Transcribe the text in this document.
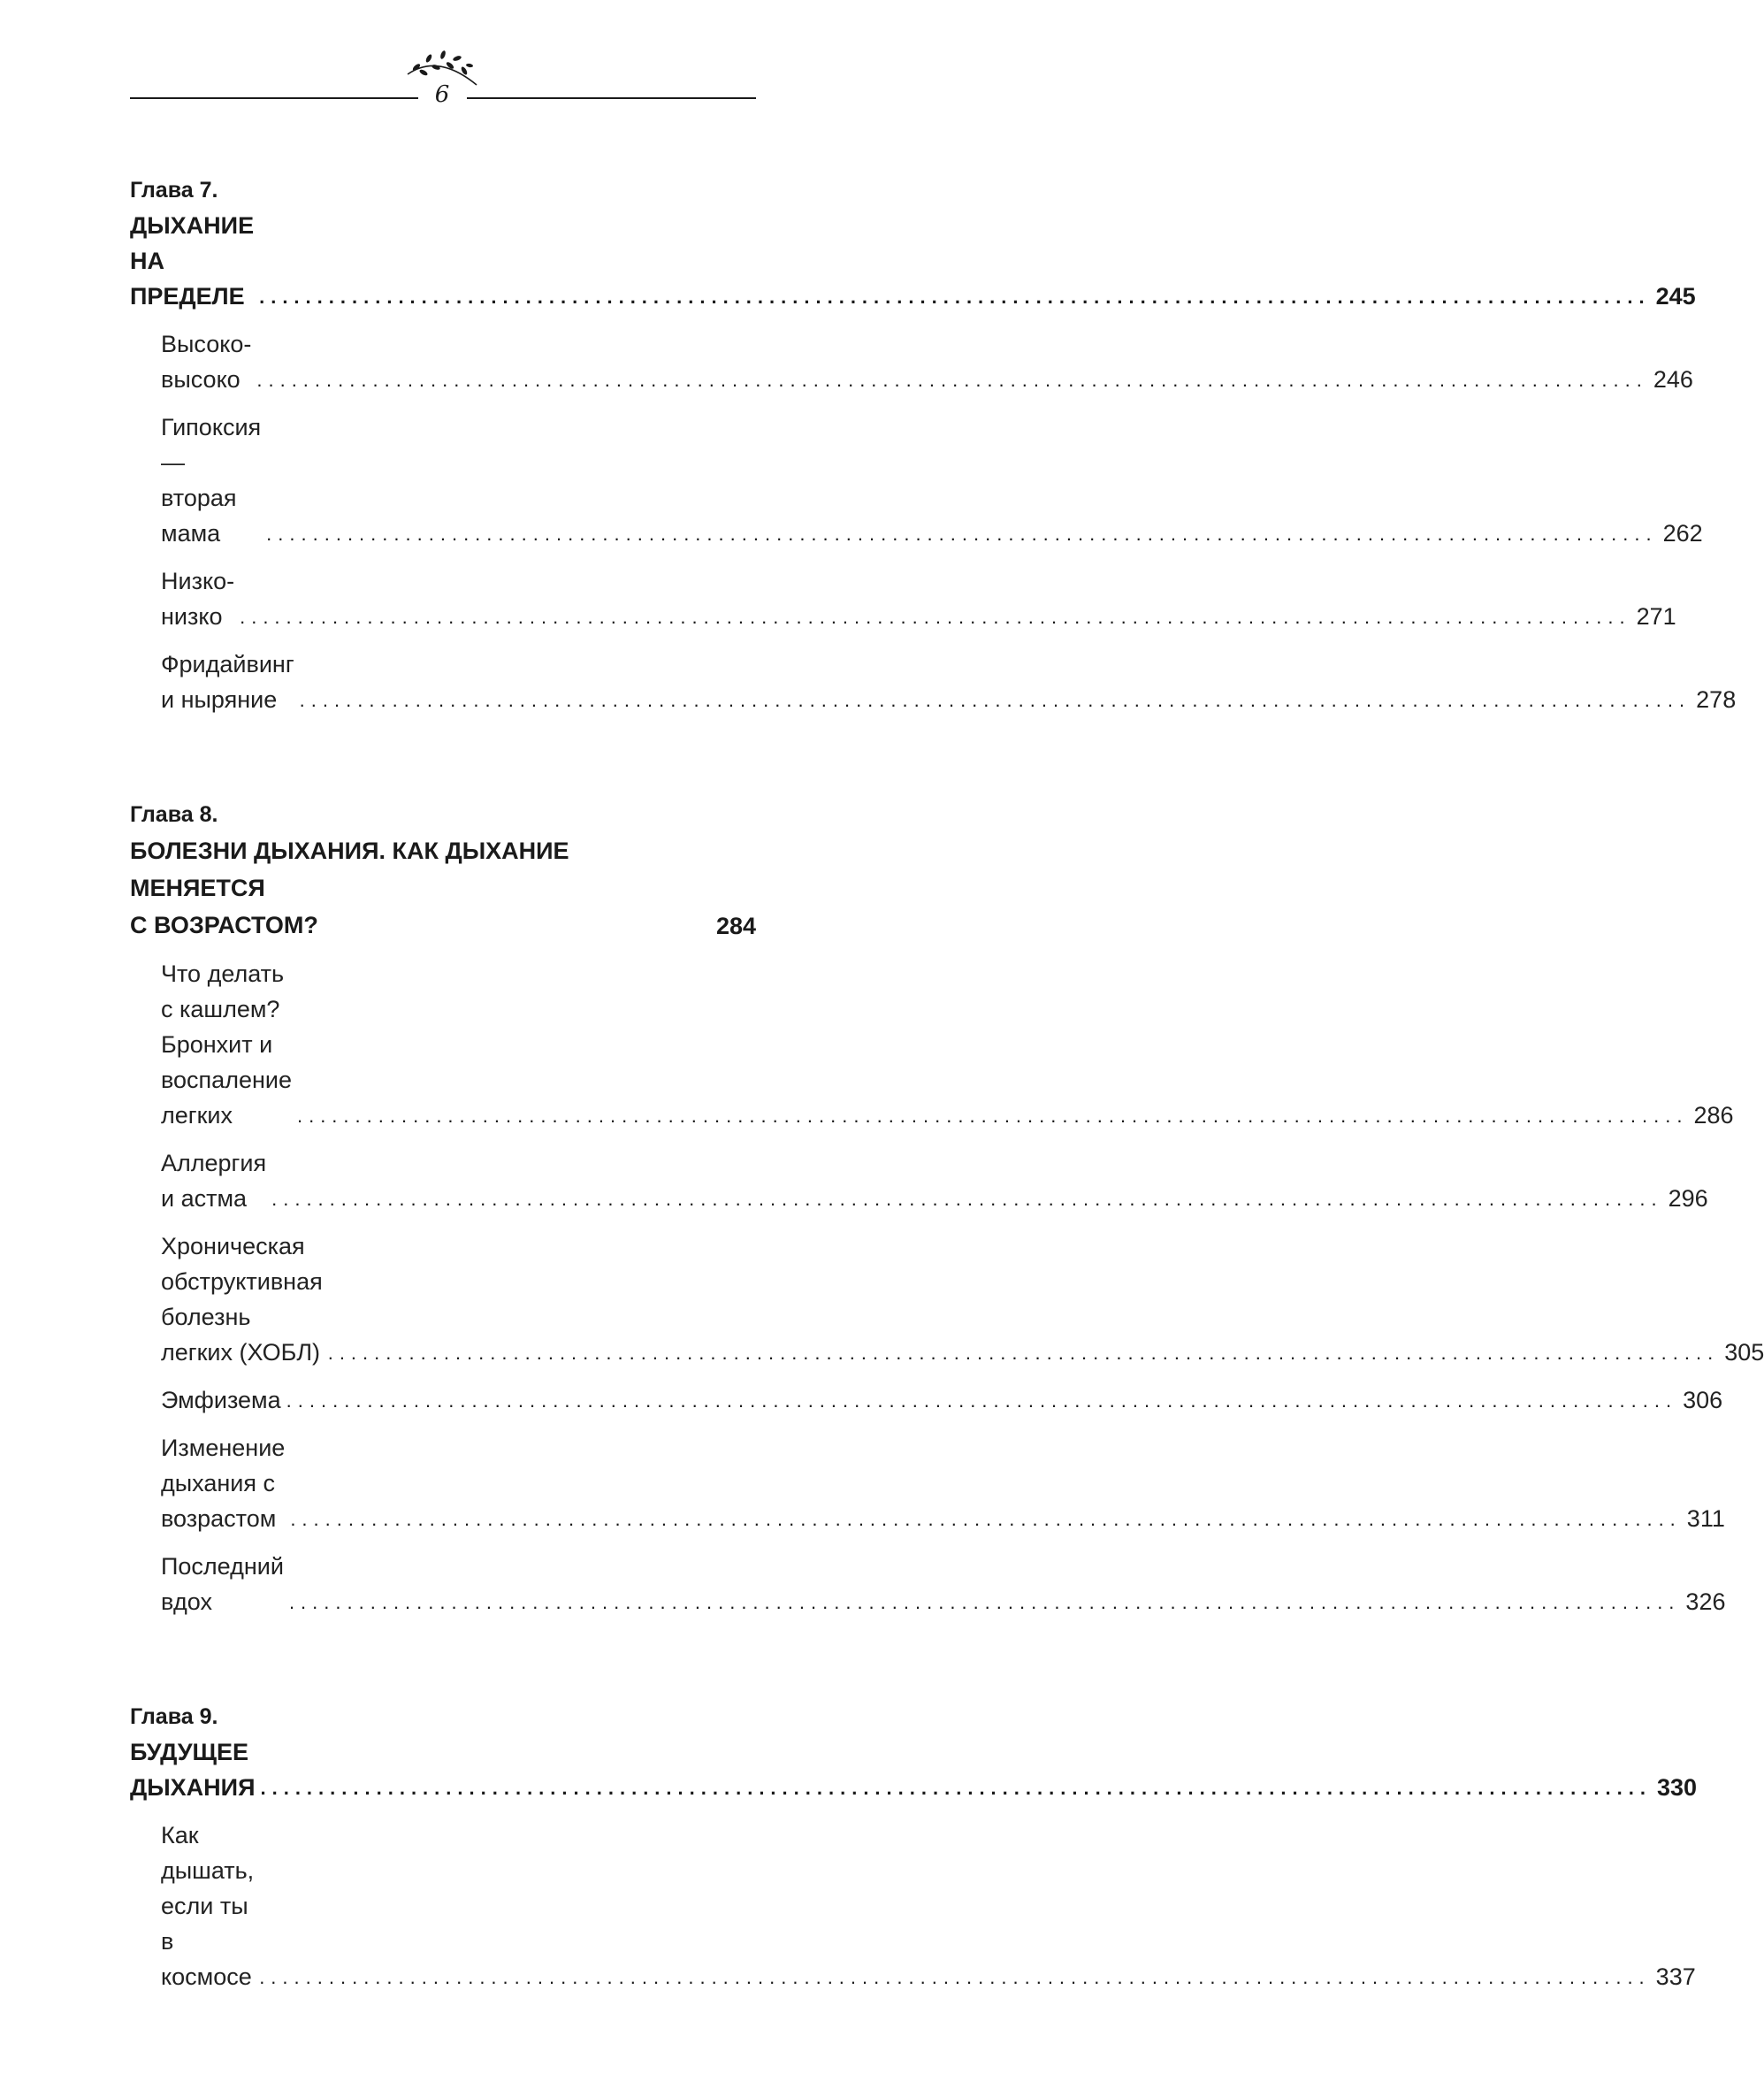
6
Глава 7.
ДЫХАНИЕ НА ПРЕДЕЛЕ ........................................................................................................................ 245
Высоко-высоко ........................................................................................................................ 246
Гипоксия — вторая мама	........................................................................................................................ 262
Низко-низко ........................................................................................................................ 271
Фридайвинг и ныряние	........................................................................................................................ 278
Глава 8.
БОЛЕЗНИ ДЫХАНИЯ. КАК ДЫХАНИЕ МЕНЯЕТСЯ
С ВОЗРАСТОМ?	284
Что делать с кашлем? Бронхит и воспаление
легких	........................................................................................................................ 286
Аллергия и астма	........................................................................................................................ 296
Хроническая обструктивная
болезнь легких (ХОБЛ) ........................................................................................................................ 305
Эмфизема ........................................................................................................................ 306
Изменение дыхания с возрастом ........................................................................................................................ 311
Последний вдох	........................................................................................................................ 326
Глава 9.
БУДУЩЕЕ ДЫХАНИЯ ........................................................................................................................ 330
Как дышать, если ты в космосе ........................................................................................................................ 337
